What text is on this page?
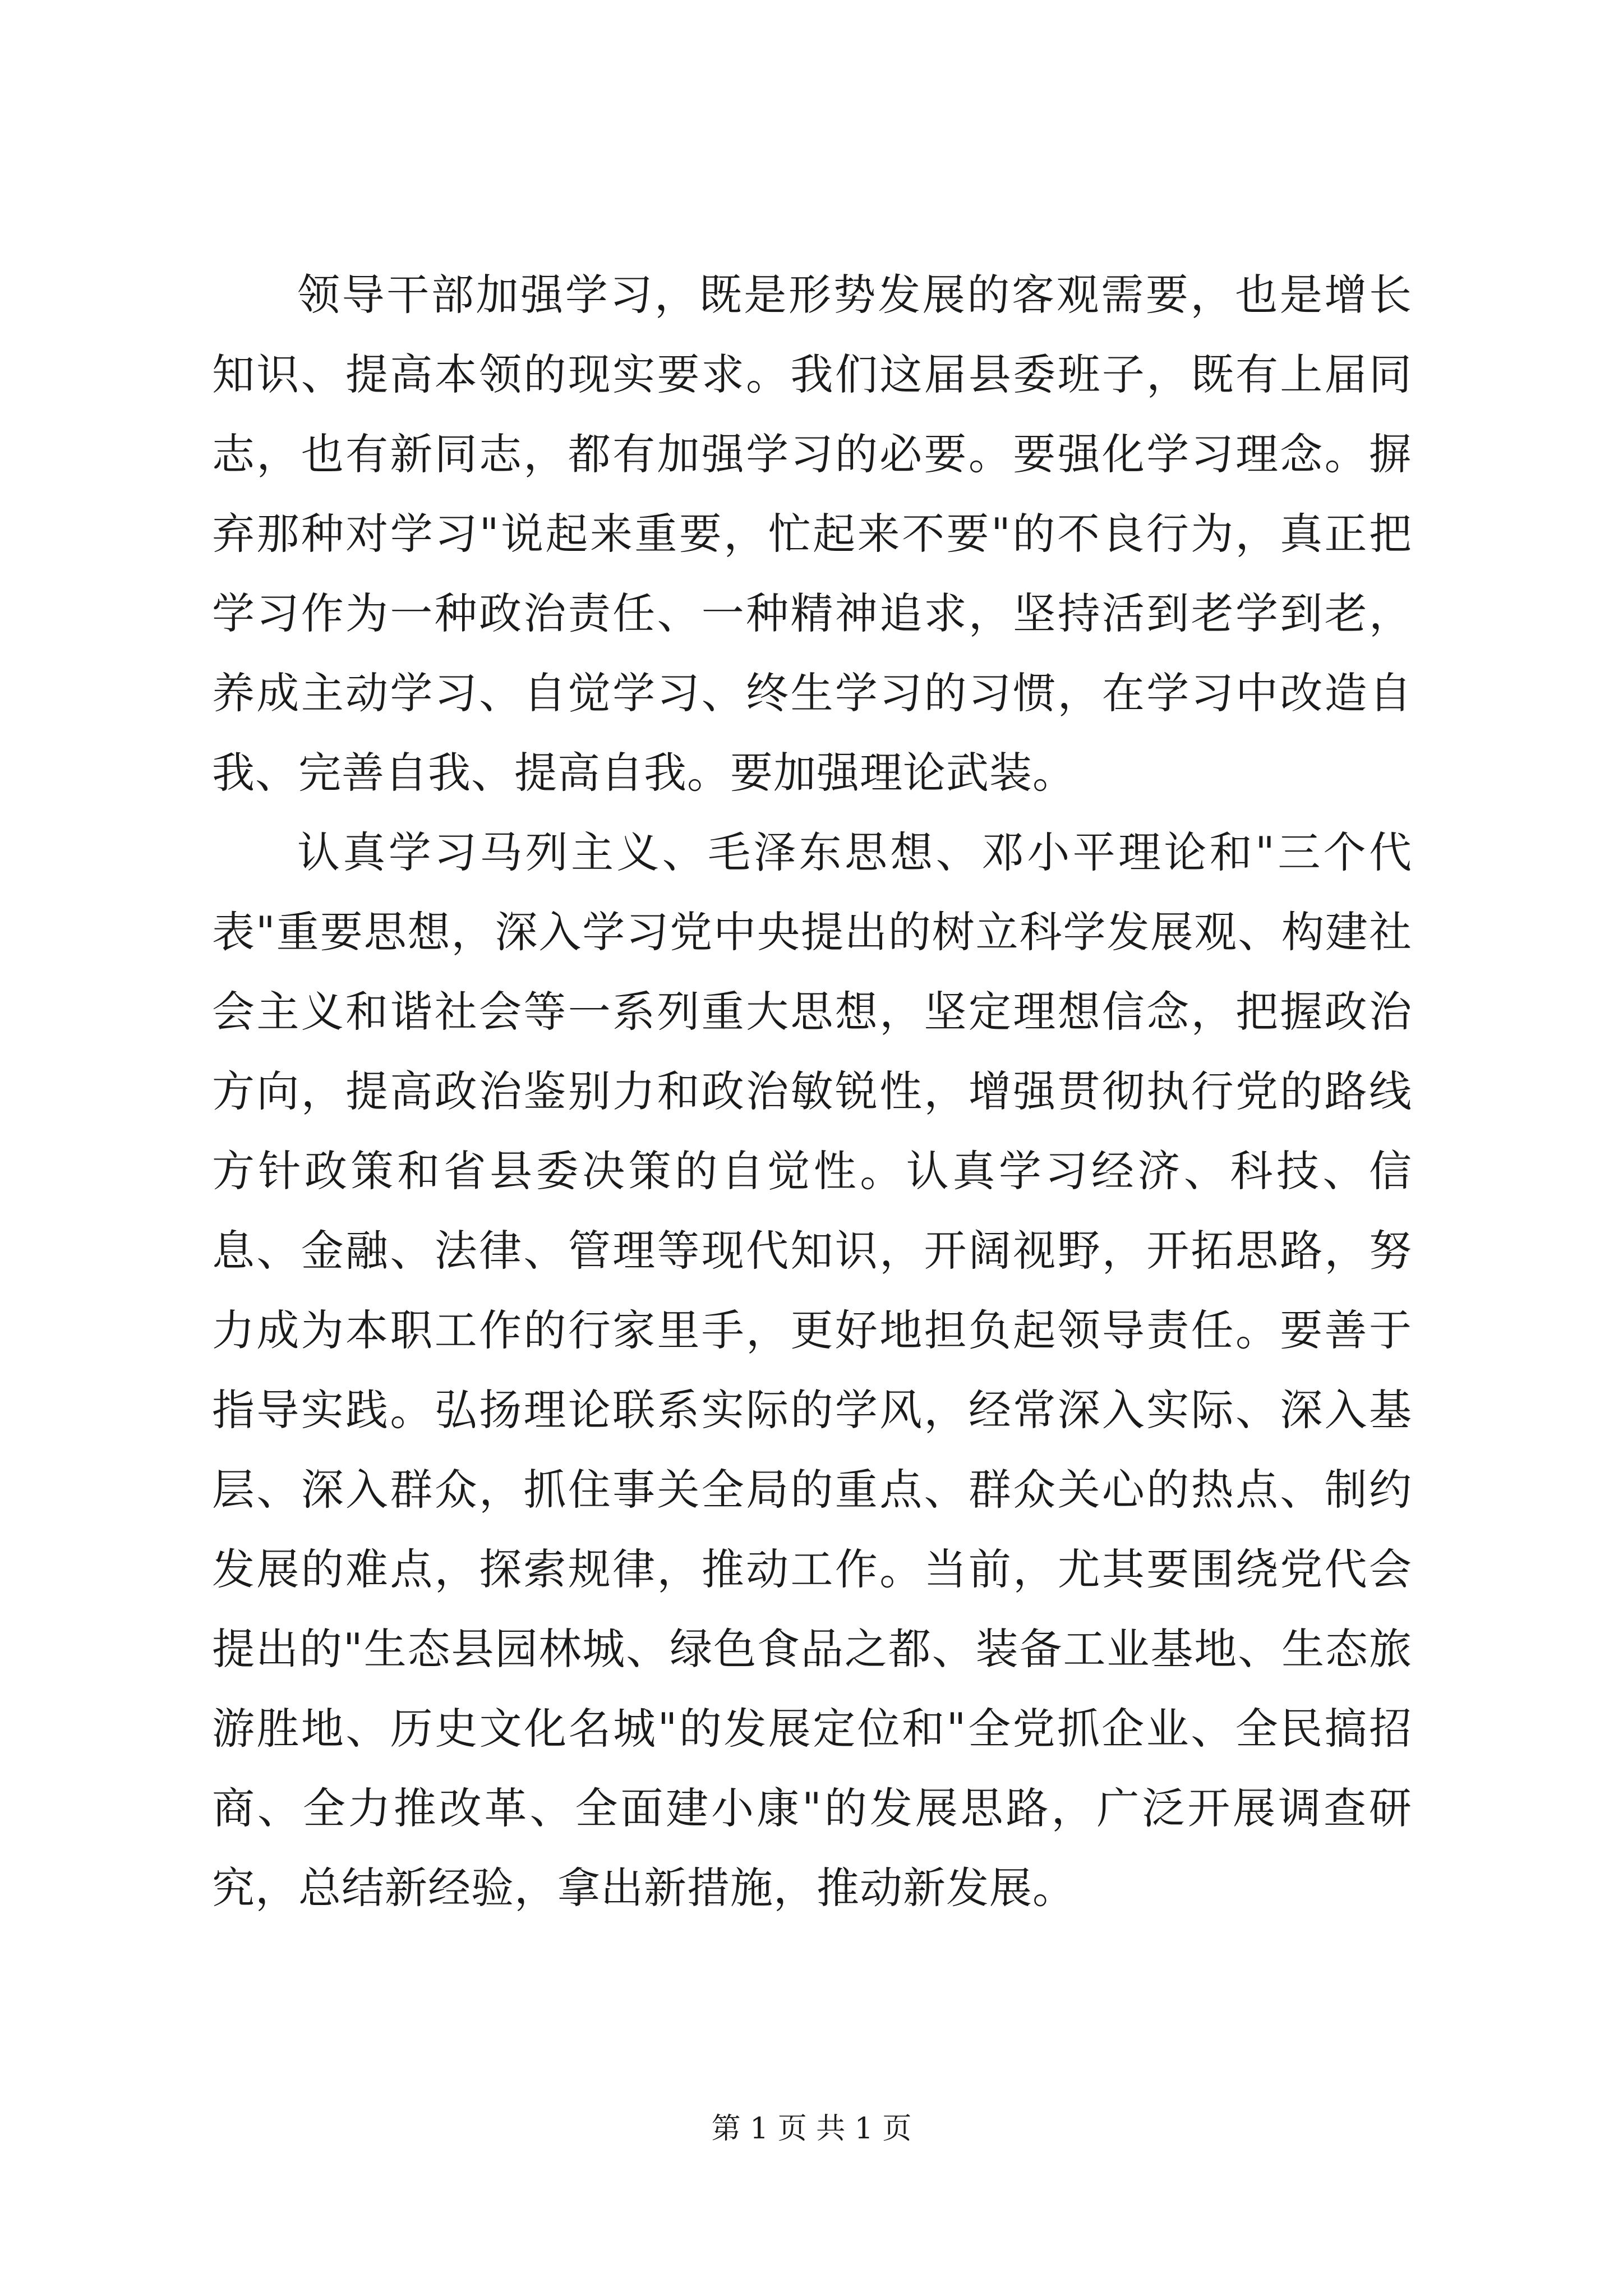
领导干部加强学习，既是形势发展的客观需要，也是增长知识、提高本领的现实要求。我们这届县委班子，既有上届同志，也有新同志，都有加强学习的必要。要强化学习理念。摒弃那种对学习"说起来重要，忙起来不要"的不良行为，真正把学习作为一种政治责任、一种精神追求，坚持活到老学到老，养成主动学习、自觉学习、终生学习的习惯，在学习中改造自我、完善自我、提高自我。要加强理论武装。

认真学习马列主义、毛泽东思想、邓小平理论和"三个代表"重要思想，深入学习党中央提出的树立科学发展观、构建社会主义和谐社会等一系列重大思想，坚定理想信念，把握政治方向，提高政治鉴别力和政治敏锐性，增强贯彻执行党的路线方针政策和省县委决策的自觉性。认真学习经济、科技、信息、金融、法律、管理等现代知识，开阔视野，开拓思路，努力成为本职工作的行家里手，更好地担负起领导责任。要善于指导实践。弘扬理论联系实际的学风，经常深入实际、深入基层、深入群众，抓住事关全局的重点、群众关心的热点、制约发展的难点，探索规律，推动工作。当前，尤其要围绕党代会提出的"生态县园林城、绿色食品之都、装备工业基地、生态旅游胜地、历史文化名城"的发展定位和"全党抓企业、全民搞招商、全力推改革、全面建小康"的发展思路，广泛开展调查研究，总结新经验，拿出新措施，推动新发展。

第 1 页 共 1 页
